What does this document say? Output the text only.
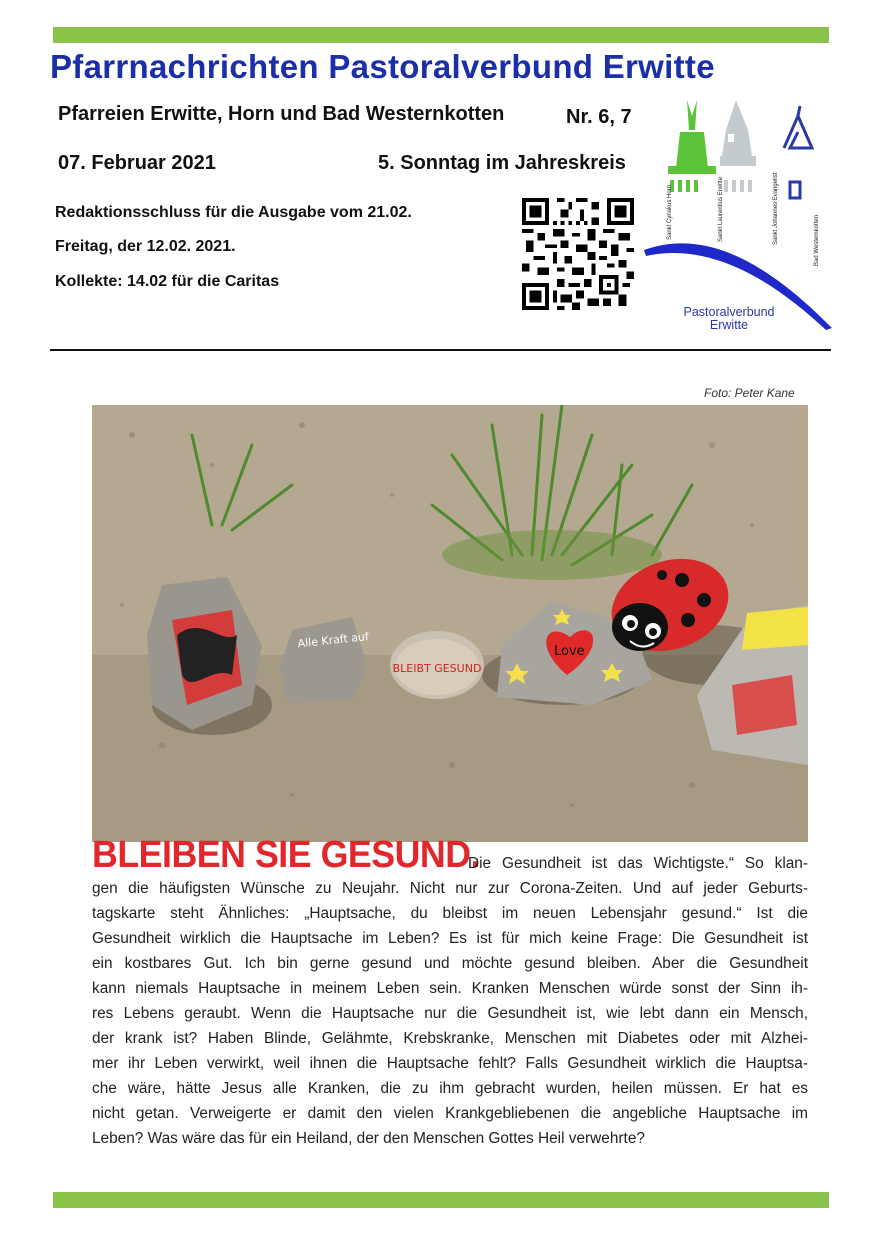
Pfarrnachrichten Pastoralverbund Erwitte
Pfarreien Erwitte, Horn und Bad Westernkotten	Nr. 6, 7
07. Februar 2021	5. Sonntag im Jahreskreis
Redaktionsschluss für die Ausgabe vom 21.02.
Freitag, der 12.02. 2021.
Kollekte: 14.02 für die Caritas
Sankt Cyriakus Horn	Sankt Laurentius Erwitte	Sankt Johannes Evangelist	Bad Westernkotten
Pastoralverbund
Erwitte
Foto: Peter Kane
Alle Kraft auf
BLEIBT GESUND
Love
BLEIBEN SIE GESUND.
Die Gesundheit ist das Wichtigste.“ So klan-
gen die häufigsten Wünsche zu Neujahr. Nicht nur zur Corona-Zeiten. Und auf jeder Geburts-
tagskarte steht Ähnliches: „Hauptsache, du bleibst im neuen Lebensjahr gesund.“ Ist die
Gesundheit wirklich die Hauptsache im Leben? Es ist für mich keine Frage: Die Gesundheit ist
ein kostbares Gut. Ich bin gerne gesund und möchte gesund bleiben. Aber die Gesundheit
kann niemals Hauptsache in meinem Leben sein. Kranken Menschen würde sonst der Sinn ih-
res Lebens geraubt. Wenn die Hauptsache nur die Gesundheit ist, wie lebt dann ein Mensch,
der krank ist? Haben Blinde, Gelähmte, Krebskranke, Menschen mit Diabetes oder mit Alzhei-
mer ihr Leben verwirkt, weil ihnen die Hauptsache fehlt? Falls Gesundheit wirklich die Hauptsa-
che wäre, hätte Jesus alle Kranken, die zu ihm gebracht wurden, heilen müssen. Er hat es
nicht getan. Verweigerte er damit den vielen Krankgebliebenen die angebliche Hauptsache im
Leben? Was wäre das für ein Heiland, der den Menschen Gottes Heil verwehrte?
